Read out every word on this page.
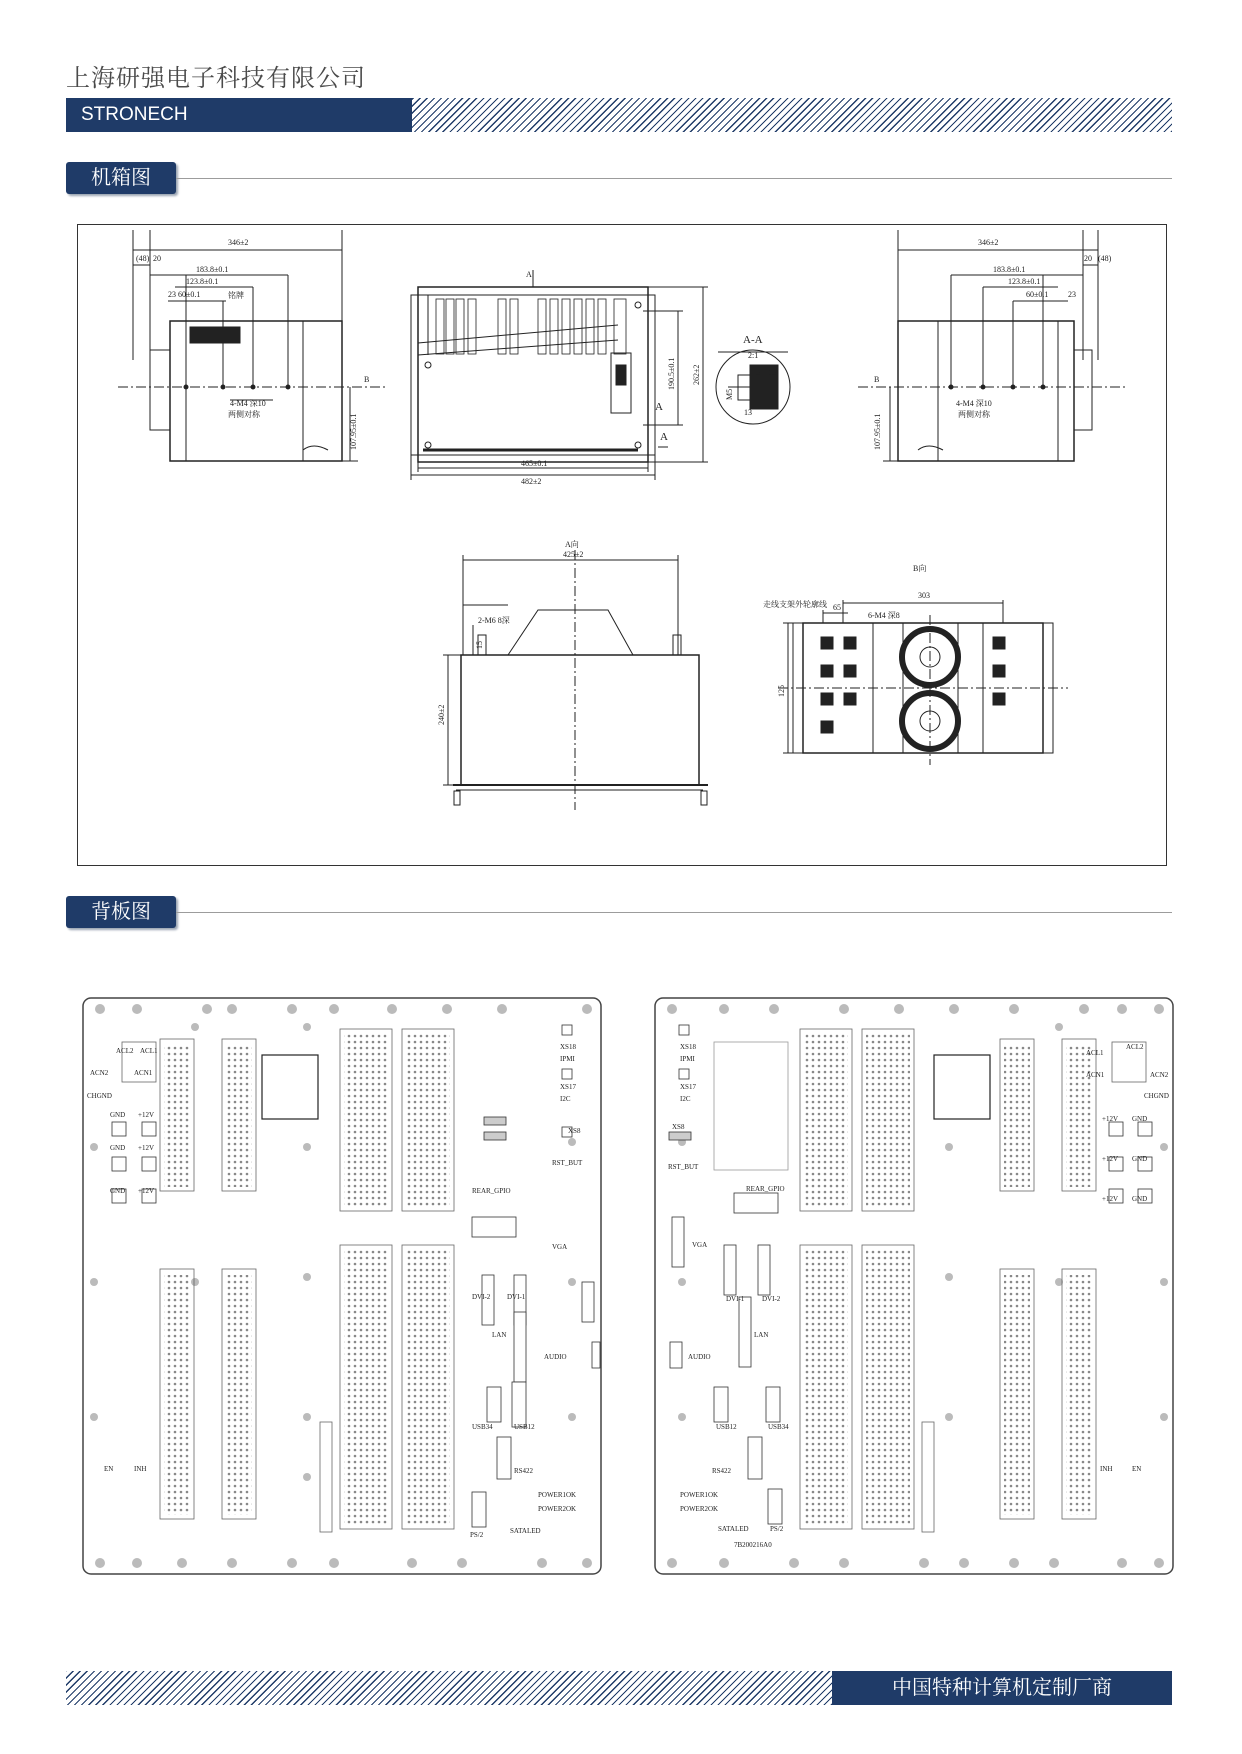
上海研强电子科技有限公司
STRONECH
机箱图
346±2
(48) 20
183.8±0.1
123.8±0.1
60±0.1
23	铭牌
4-M4 深10
两侧对称	107.95±0.1
B
A
465±0.1
482±2
190.5±0.1 262±2
A
A
A-A
2:1
5 15
M5
13
346±2
20 (48)
183.8±0.1
123.8±0.1
60±0.1 23
4-M4 深10
两侧对称
107.95±0.1
B
A向
425±2
2-M6 8深
15
240±2
B向
303
走线支架外轮廓线 65
6-M4 深8
125
背板图
ACL2 ACL1
ACN2	ACN1
CHGND
GND +12V
GND +12V
GND +12V
XS18
IPMI
XS17
I2C
XS8
RST_BUT
REAR_GPIO
VGA
DVI-2 DVI-1
LAN
AUDIO
USB34	USB12
RS422
POWER1OK
POWER2OK
PS/2	SATALED
EN	INH
XS18
IPMI
XS17
I2C
XS8
RST_BUT
REAR_GPIO
VGA
DVI-1	DVI-2
LAN
AUDIO
USB12	USB34
RS422
POWER1OK
POWER2OK
SATALED	PS/2
ACL2
ACL1
ACN1	ACN2
CHGND
+12V GND
+12V GND
+12V GND
INH	EN
7B200216A0
中国特种计算机定制厂商
